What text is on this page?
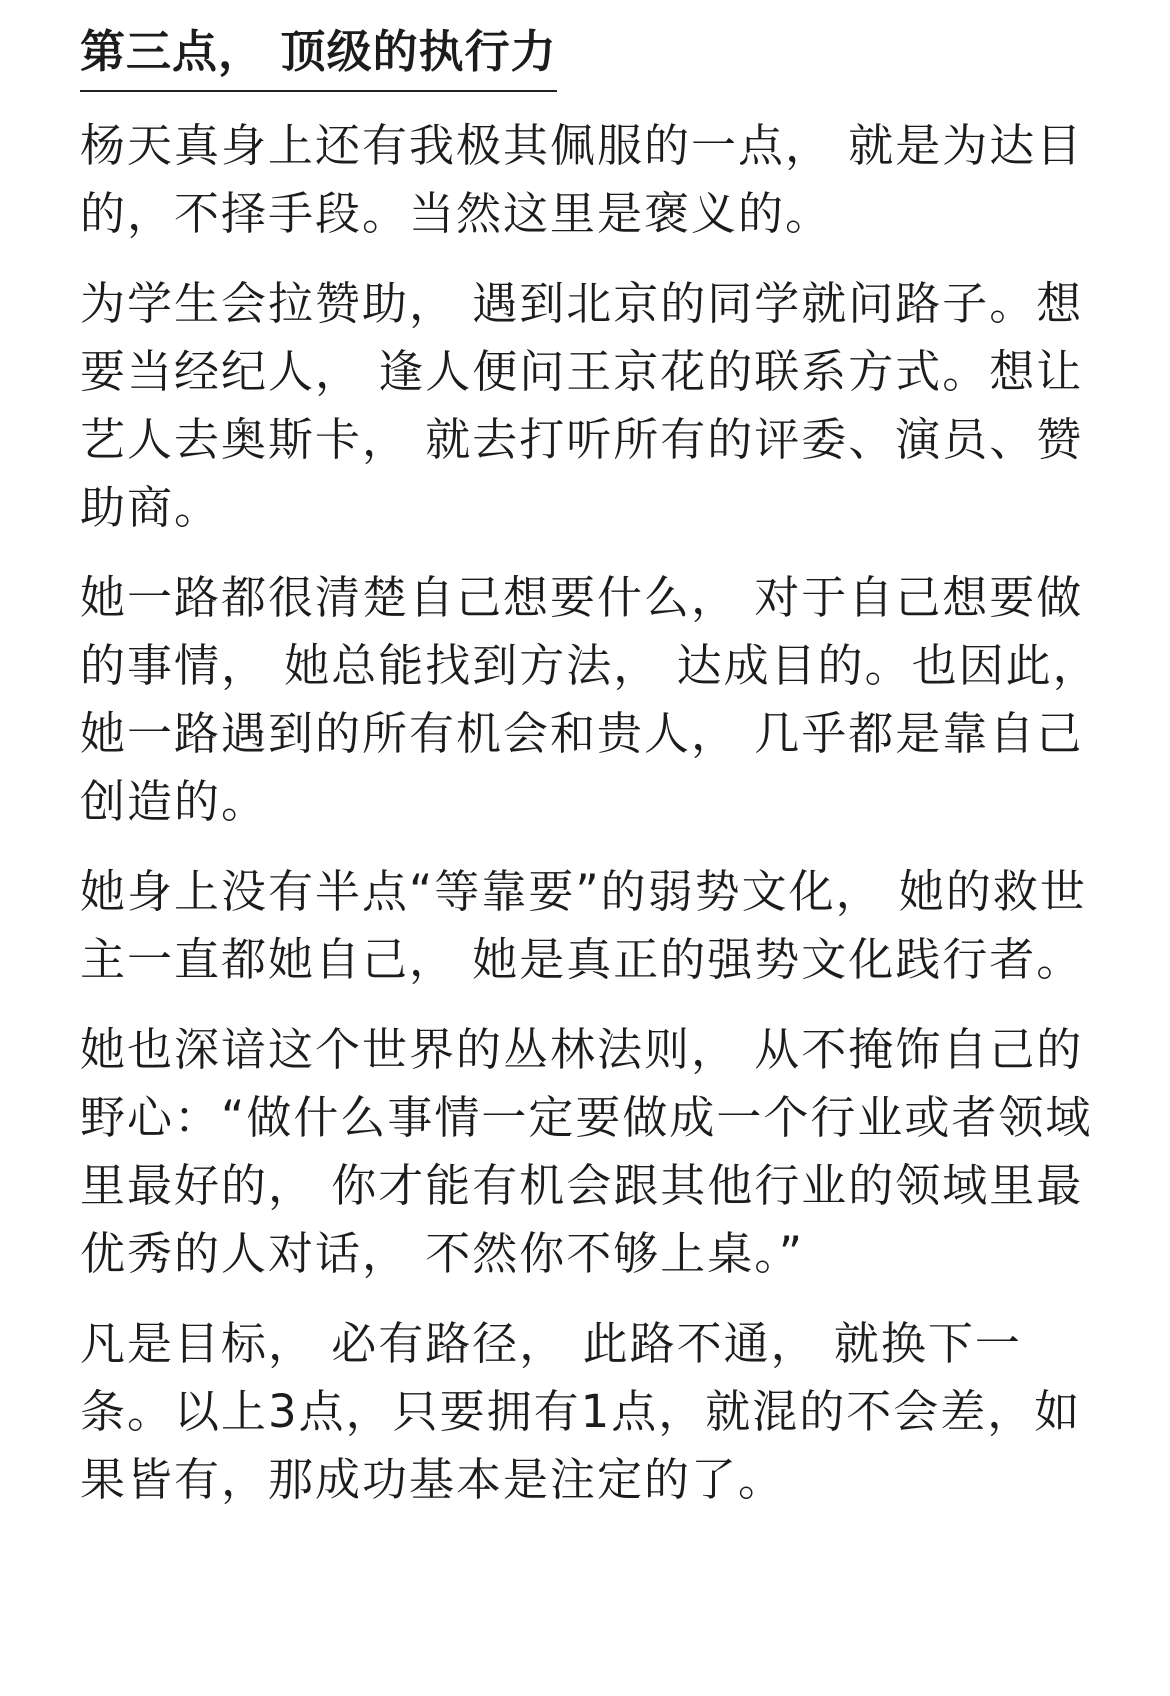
第三点， 顶级的执行力

杨天真身上还有我极其佩服的一点， 就是为达目的，不择手段。当然这里是褒义的。

为学生会拉赞助， 遇到北京的同学就问路子。想要当经纪人， 逢人便问王京花的联系方式。想让艺人去奥斯卡， 就去打听所有的评委、演员、赞助商。

她一路都很清楚自己想要什么， 对于自己想要做的事情， 她总能找到方法， 达成目的。也因此， 她一路遇到的所有机会和贵人， 几乎都是靠自己创造的。

她身上没有半点“等靠要”的弱势文化， 她的救世主一直都她自己， 她是真正的强势文化践行者。

她也深谙这个世界的丛林法则， 从不掩饰自己的野心：“做什么事情一定要做成一个行业或者领域里最好的， 你才能有机会跟其他行业的领域里最优秀的人对话， 不然你不够上桌。”

凡是目标， 必有路径， 此路不通， 就换下一条。以上3点，只要拥有1点，就混的不会差，如果皆有，那成功基本是注定的了。
